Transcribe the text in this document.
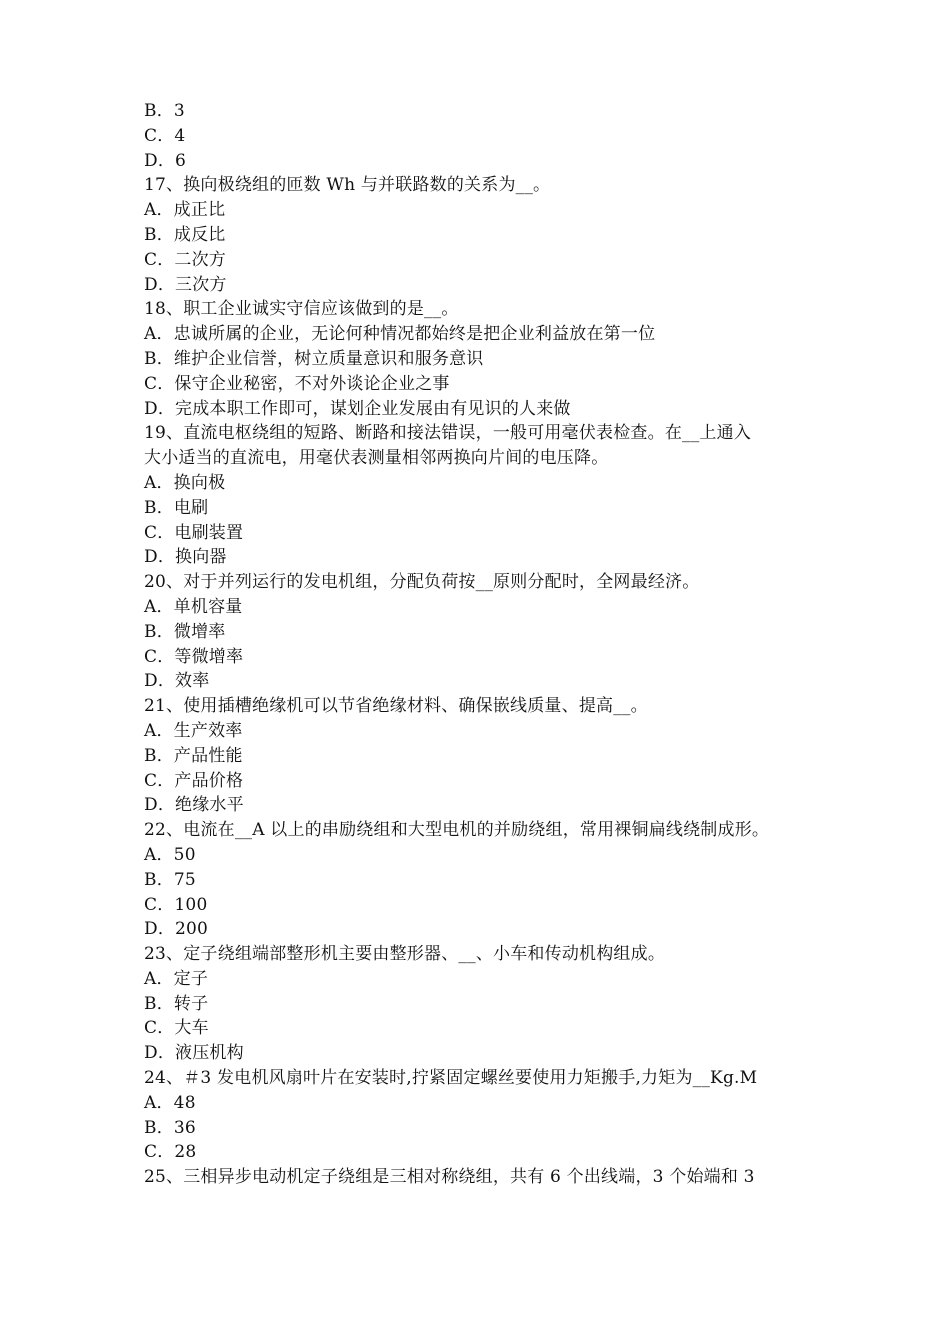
B．3
C．4
D．6
17、换向极绕组的匝数 Wh 与并联路数的关系为__。
A．成正比
B．成反比
C．二次方
D．三次方
18、职工企业诚实守信应该做到的是__。
A．忠诚所属的企业，无论何种情况都始终是把企业利益放在第一位
B．维护企业信誉，树立质量意识和服务意识
C．保守企业秘密，不对外谈论企业之事
D．完成本职工作即可，谋划企业发展由有见识的人来做
19、直流电枢绕组的短路、断路和接法错误，一般可用毫伏表检查。在__上通入
大小适当的直流电，用毫伏表测量相邻两换向片间的电压降。
A．换向极
B．电刷
C．电刷装置
D．换向器
20、对于并列运行的发电机组，分配负荷按__原则分配时，全网最经济。
A．单机容量
B．微增率
C．等微增率
D．效率
21、使用插槽绝缘机可以节省绝缘材料、确保嵌线质量、提高__。
A．生产效率
B．产品性能
C．产品价格
D．绝缘水平
22、电流在__A 以上的串励绕组和大型电机的并励绕组，常用裸铜扁线绕制成形。
A．50
B．75
C．100
D．200
23、定子绕组端部整形机主要由整形器、__、小车和传动机构组成。
A．定子
B．转子
C．大车
D．液压机构
24、＃3 发电机风扇叶片在安装时,拧紧固定螺丝要使用力矩搬手,力矩为__Kg.M
A．48
B．36
C．28
25、三相异步电动机定子绕组是三相对称绕组，共有 6 个出线端，3 个始端和 3
